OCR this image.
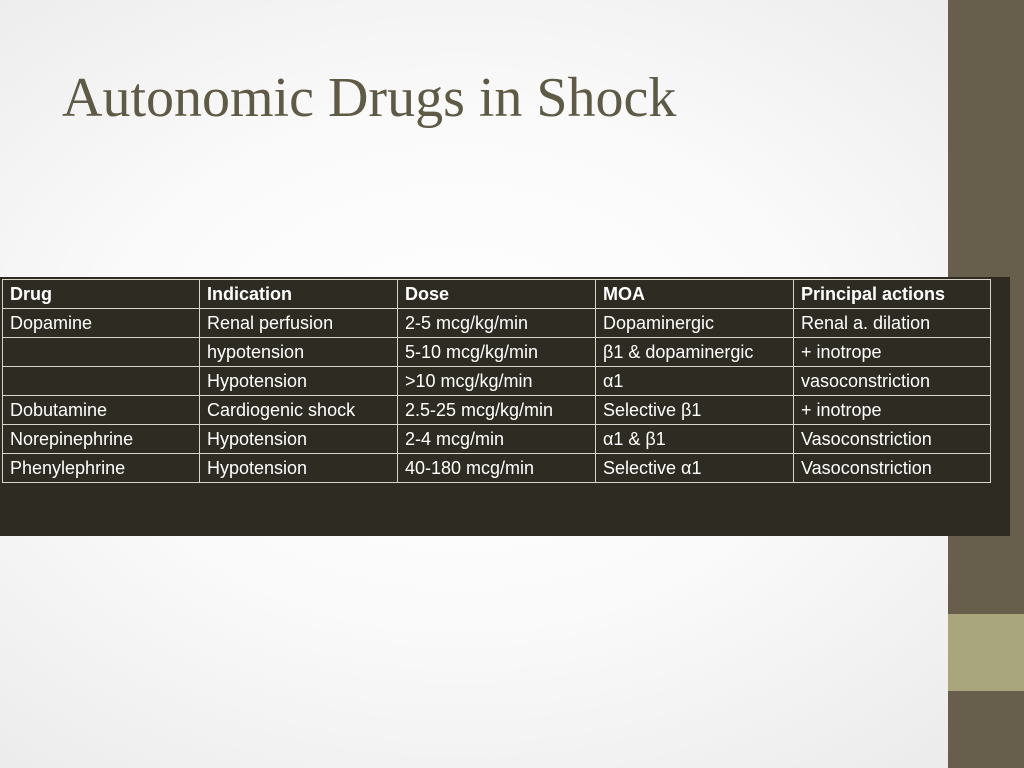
Autonomic Drugs in Shock
Drug	Indication	Dose	MOA	Principal actions
Dopamine	Renal perfusion	2-5 mcg/kg/min	Dopaminergic	Renal a. dilation
	hypotension	5-10 mcg/kg/min	β1 & dopaminergic	+ inotrope
	Hypotension	>10 mcg/kg/min	α1	vasoconstriction
Dobutamine	Cardiogenic shock	2.5-25 mcg/kg/min	Selective β1	+ inotrope
Norepinephrine	Hypotension	2-4 mcg/min	α1 & β1	Vasoconstriction
Phenylephrine	Hypotension	40-180 mcg/min	Selective α1	Vasoconstriction
